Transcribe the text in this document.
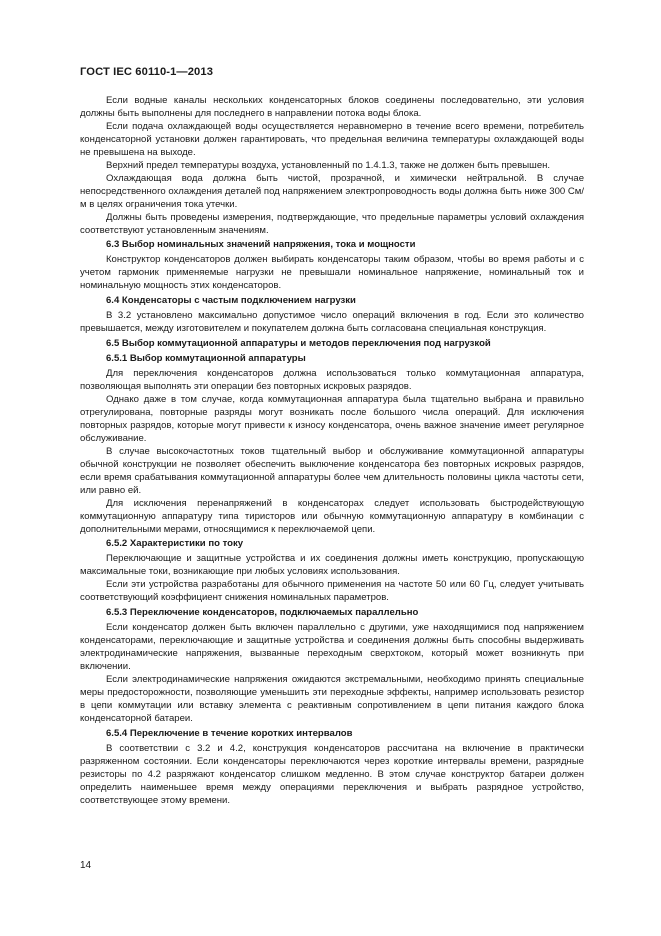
ГОСТ IEC 60110-1—2013

Если водные каналы нескольких конденсаторных блоков соединены последовательно, эти условия должны быть выполнены для последнего в направлении потока воды блока.

Если подача охлаждающей воды осуществляется неравномерно в течение всего времени, потребитель конденсаторной установки должен гарантировать, что предельная величина температуры охлаждающей воды не превышена на выходе.

Верхний предел температуры воздуха, установленный по 1.4.1.3, также не должен быть превышен.

Охлаждающая вода должна быть чистой, прозрачной, и химически нейтральной. В случае непосредственного охлаждения деталей под напряжением электропроводность воды должна быть ниже 300 См/м в целях ограничения тока утечки.

Должны быть проведены измерения, подтверждающие, что предельные параметры условий охлаждения соответствуют установленным значениям.

6.3 Выбор номинальных значений напряжения, тока и мощности

Конструктор конденсаторов должен выбирать конденсаторы таким образом, чтобы во время работы и с учетом гармоник применяемые нагрузки не превышали номинальное напряжение, номинальный ток и номинальную мощность этих конденсаторов.

6.4 Конденсаторы с частым подключением нагрузки

В 3.2 установлено максимально допустимое число операций включения в год. Если это количество превышается, между изготовителем и покупателем должна быть согласована специальная конструкция.

6.5 Выбор коммутационной аппаратуры и методов переключения под нагрузкой

6.5.1 Выбор коммутационной аппаратуры

Для переключения конденсаторов должна использоваться только коммутационная аппаратура, позволяющая выполнять эти операции без повторных искровых разрядов.

Однако даже в том случае, когда коммутационная аппаратура была тщательно выбрана и правильно отрегулирована, повторные разряды могут возникать после большого числа операций. Для исключения повторных разрядов, которые могут привести к износу конденсатора, очень важное значение имеет регулярное обслуживание.

В случае высокочастотных токов тщательный выбор и обслуживание коммутационной аппаратуры обычной конструкции не позволяет обеспечить выключение конденсатора без повторных искровых разрядов, если время срабатывания коммутационной аппаратуры более чем длительность половины цикла частоты сети, или равно ей.

Для исключения перенапряжений в конденсаторах следует использовать быстродействующую коммутационную аппаратуру типа тиристоров или обычную коммутационную аппаратуру в комбинации с дополнительными мерами, относящимися к переключаемой цепи.

6.5.2 Характеристики по току

Переключающие и защитные устройства и их соединения должны иметь конструкцию, пропускающую максимальные токи, возникающие при любых условиях использования.

Если эти устройства разработаны для обычного применения на частоте 50 или 60 Гц, следует учитывать соответствующий коэффициент снижения номинальных параметров.

6.5.3 Переключение конденсаторов, подключаемых параллельно

Если конденсатор должен быть включен параллельно с другими, уже находящимися под напряжением конденсаторами, переключающие и защитные устройства и соединения должны быть способны выдерживать электродинамические напряжения, вызванные переходным сверхтоком, который может возникнуть при включении.

Если электродинамические напряжения ожидаются экстремальными, необходимо принять специальные меры предосторожности, позволяющие уменьшить эти переходные эффекты, например использовать резистор в цепи коммутации или вставку элемента с реактивным сопротивлением в цепи питания каждого блока конденсаторной батареи.

6.5.4 Переключение в течение коротких интервалов

В соответствии с 3.2 и 4.2, конструкция конденсаторов рассчитана на включение в практически разряженном состоянии. Если конденсаторы переключаются через короткие интервалы времени, разрядные резисторы по 4.2 разряжают конденсатор слишком медленно. В этом случае конструктор батареи должен определить наименьшее время между операциями переключения и выбрать разрядное устройство, соответствующее этому времени.

14
